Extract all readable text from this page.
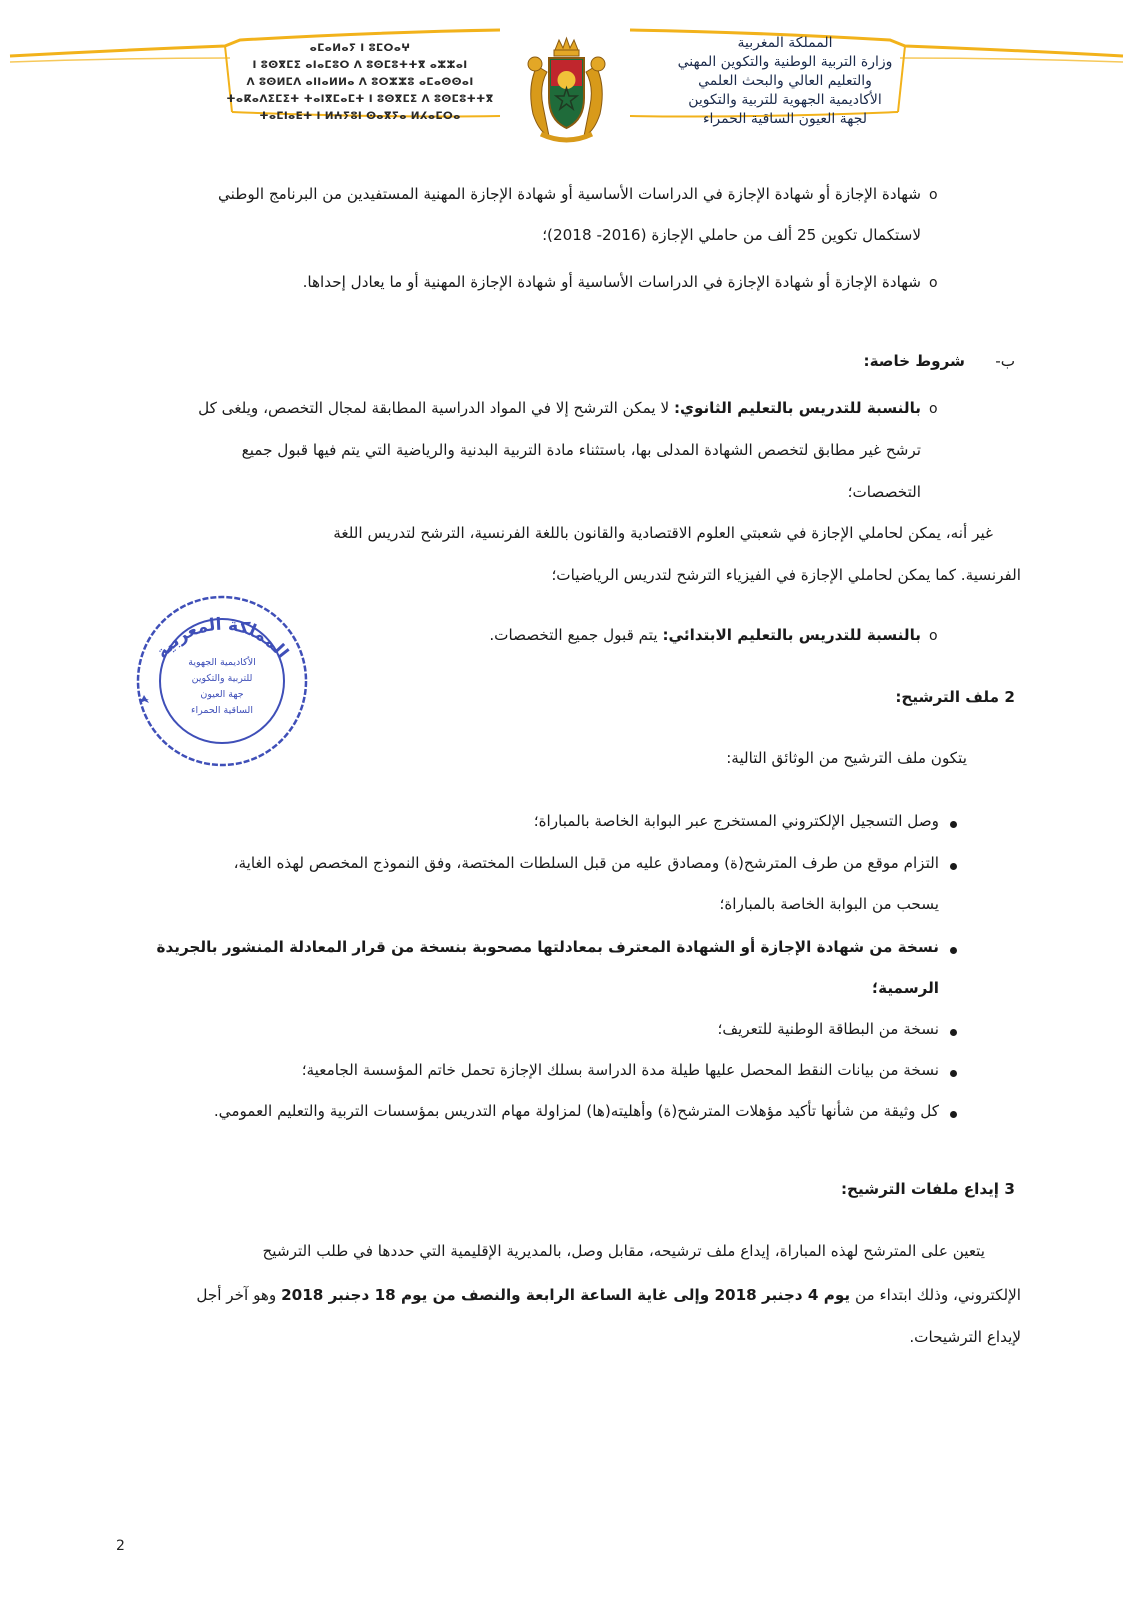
ⴰⵎⴰⵍⴰⵢ ⵏ ⵓⵎⵔⴰⵖ
ⵏ ⵓⵙⴳⵎⵉ ⴰⵏⴰⵎⵓⵔ ⴷ ⵓⵙⵎⵓⵜⵜⴳ ⴰⵣⵣⴰⵏ
ⴷ ⵓⵙⵍⵎⴷ ⴰⵏⵏⴰⵍⵍⴰ ⴷ ⵓⵔⵣⵣⵓ ⴰⵎⴰⵙⵙⴰⵏ
ⵜⴰⴽⴰⴷⵉⵎⵉⵜ ⵜⴰⵏⴳⵎⴰⵎⵜ ⵏ ⵓⵙⴳⵎⵉ ⴷ ⵓⵙⵎⵓⵜⵜⴳ
ⵜⴰⵎⵏⴰⴹⵜ ⵏ ⵍⵄⵢⵓⵏ ⵙⴰⴳⵢⴰ ⵍⵃⴰⵎⵔⴰ
المملكة المغربية
وزارة التربية الوطنية والتكوين المهني
والتعليم العالي والبحث العلمي
الأكاديمية الجهوية للتربية والتكوين
لجهة العيون الساقية الحمراء
o
شهادة الإجازة أو شهادة الإجازة في الدراسات الأساسية أو شهادة الإجازة المهنية المستفيدين من البرنامج الوطني
لاستكمال تكوين 25 ألف من حاملي الإجازة (2016- 2018)؛
o
شهادة الإجازة أو شهادة الإجازة في الدراسات الأساسية أو شهادة الإجازة المهنية أو ما يعادل إحداها.
ب-
شروط خاصة:
o
بالنسبة للتدريس بالتعليم الثانوي: لا يمكن الترشح إلا في المواد الدراسية المطابقة لمجال التخصص، ويلغى كل
ترشح غير مطابق لتخصص الشهادة المدلى بها، باستثناء مادة التربية البدنية والرياضية التي يتم فيها قبول جميع
التخصصات؛
غير أنه، يمكن لحاملي الإجازة في شعبتي العلوم الاقتصادية والقانون باللغة الفرنسية، الترشح لتدريس اللغة
الفرنسية. كما يمكن لحاملي الإجازة في الفيزياء الترشح لتدريس الرياضيات؛
o
بالنسبة للتدريس بالتعليم الابتدائي: يتم قبول جميع التخصصات.
المملكة المغربية
الأكاديمية الجهوية
للتربية والتكوين
جهة العيون
الساقية الحمراء
2
ملف الترشيح:
يتكون ملف الترشيح من الوثائق التالية:
وصل التسجيل الإلكتروني المستخرج عبر البوابة الخاصة بالمباراة؛
التزام موقع من طرف المترشح(ة) ومصادق عليه من قبل السلطات المختصة، وفق النموذج المخصص لهذه الغاية،
يسحب من البوابة الخاصة بالمباراة؛
نسخة من شهادة الإجازة أو الشهادة المعترف بمعادلتها مصحوبة بنسخة من قرار المعادلة المنشور بالجريدة
الرسمية؛
نسخة من البطاقة الوطنية للتعريف؛
نسخة من بيانات النقط المحصل عليها طيلة مدة الدراسة بسلك الإجازة تحمل خاتم المؤسسة الجامعية؛
كل وثيقة من شأنها تأكيد مؤهلات المترشح(ة) وأهليته(ها) لمزاولة مهام التدريس بمؤسسات التربية والتعليم العمومي.
3
إيداع ملفات الترشيح:
يتعين على المترشح لهذه المباراة، إيداع ملف ترشيحه، مقابل وصل، بالمديرية الإقليمية التي حددها في طلب الترشيح
الإلكتروني، وذلك ابتداء من يوم 4 دجنبر 2018 وإلى غاية الساعة الرابعة والنصف من يوم 18 دجنبر 2018 وهو آخر أجل
لإيداع الترشيحات.
2
